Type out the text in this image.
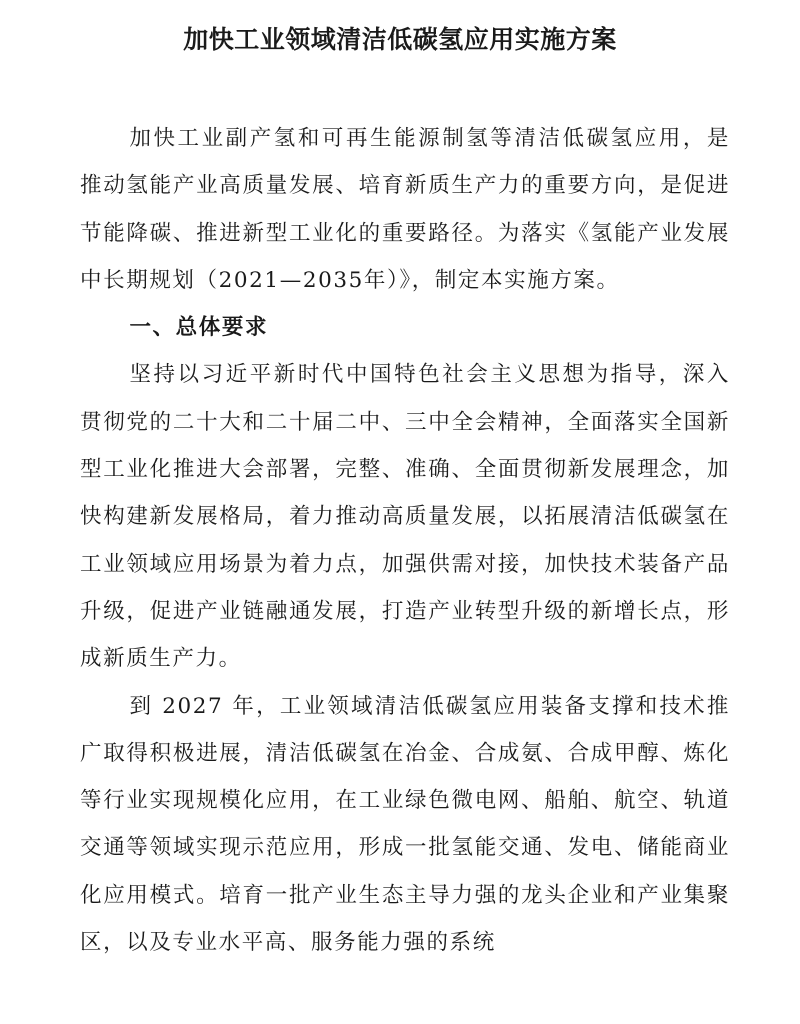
加快工业领域清洁低碳氢应用实施方案

加快工业副产氢和可再生能源制氢等清洁低碳氢应用，是推动氢能产业高质量发展、培育新质生产力的重要方向，是促进节能降碳、推进新型工业化的重要路径。为落实《氢能产业发展中长期规划（2021—2035年）》，制定本实施方案。

一、总体要求

坚持以习近平新时代中国特色社会主义思想为指导，深入贯彻党的二十大和二十届二中、三中全会精神，全面落实全国新型工业化推进大会部署，完整、准确、全面贯彻新发展理念，加快构建新发展格局，着力推动高质量发展，以拓展清洁低碳氢在工业领域应用场景为着力点，加强供需对接，加快技术装备产品升级，促进产业链融通发展，打造产业转型升级的新增长点，形成新质生产力。

到 2027 年，工业领域清洁低碳氢应用装备支撑和技术推广取得积极进展，清洁低碳氢在冶金、合成氨、合成甲醇、炼化等行业实现规模化应用，在工业绿色微电网、船舶、航空、轨道交通等领域实现示范应用，形成一批氢能交通、发电、储能商业化应用模式。培育一批产业生态主导力强的龙头企业和产业集聚区，以及专业水平高、服务能力强的系统
